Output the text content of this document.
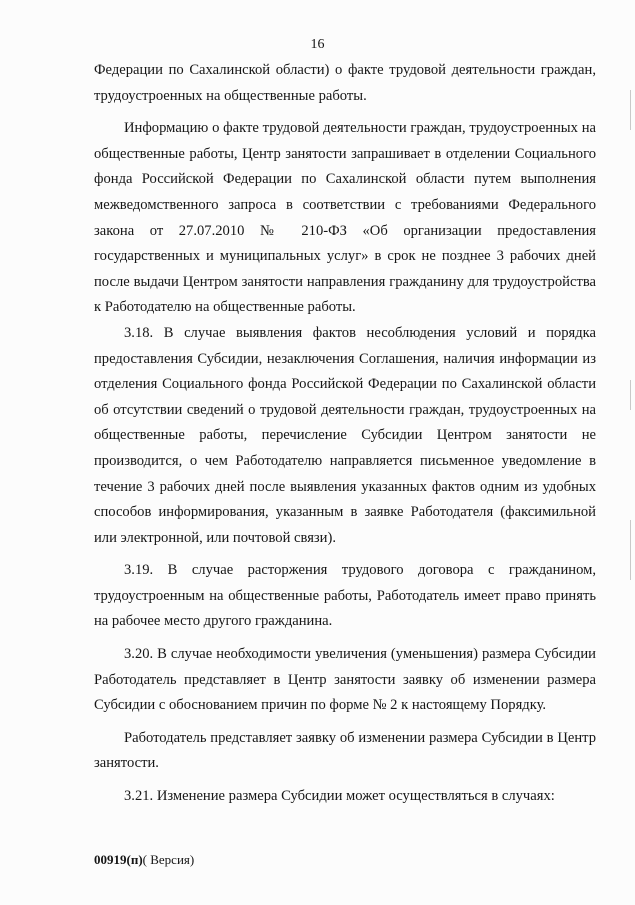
16

Федерации по Сахалинской области) о факте трудовой деятельности граждан, трудоустроенных на общественные работы.

Информацию о факте трудовой деятельности граждан, трудоустроенных на общественные работы, Центр занятости запрашивает в отделении Социального фонда Российской Федерации по Сахалинской области путем выполнения межведомственного запроса в соответствии с требованиями Федерального закона от 27.07.2010 № 210-ФЗ «Об организации предоставления государственных и муниципальных услуг» в срок не позднее 3 рабочих дней после выдачи Центром занятости направления гражданину для трудоустройства к Работодателю на общественные работы.

3.18. В случае выявления фактов несоблюдения условий и порядка предоставления Субсидии, незаключения Соглашения, наличия информации из отделения Социального фонда Российской Федерации по Сахалинской области об отсутствии сведений о трудовой деятельности граждан, трудоустроенных на общественные работы, перечисление Субсидии Центром занятости не производится, о чем Работодателю направляется письменное уведомление в течение 3 рабочих дней после выявления указанных фактов одним из удобных способов информирования, указанным в заявке Работодателя (факсимильной или электронной, или почтовой связи).

3.19. В случае расторжения трудового договора с гражданином, трудоустроенным на общественные работы, Работодатель имеет право принять на рабочее место другого гражданина.

3.20. В случае необходимости увеличения (уменьшения) размера Субсидии Работодатель представляет в Центр занятости заявку об изменении размера Субсидии с обоснованием причин по форме № 2 к настоящему Порядку.

Работодатель представляет заявку об изменении размера Субсидии в Центр занятости.

3.21. Изменение размера Субсидии может осуществляться в случаях:

00919(п)( Версия)
